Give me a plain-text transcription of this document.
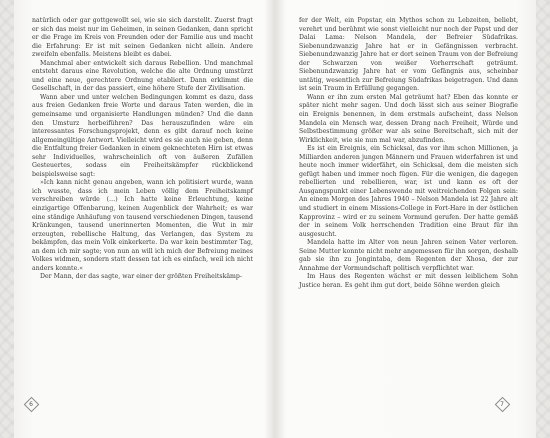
natürlich oder gar gottgewollt sei, wie sie sich darstellt. Zuerst fragt er sich das meist nur im Geheimen, in seinen Gedanken, dann spricht er die Frage im Kreis von Freunden oder der Familie aus und macht die Erfahrung: Er ist mit seinen Gedanken nicht allein. Andere zweifeln ebenfalls. Meistens bleibt es dabei.

Manchmal aber entwickelt sich daraus Rebellion. Und manchmal entsteht daraus eine Revolution, welche die alte Ordnung umstürzt und eine neue, gerechtere Ordnung etabliert. Dann erklimmt die Gesellschaft, in der das passiert, eine höhere Stufe der Zivilisation.

Wann aber und unter welchen Bedingungen kommt es dazu, dass aus freien Gedanken freie Worte und daraus Taten werden, die in gemeinsame und organisierte Handlungen münden? Und die dann den Umsturz herbeiführen? Das herauszufinden wäre ein interessantes Forschungsprojekt, denn es gibt darauf noch keine allgemeingültige Antwort. Vielleicht wird es sie auch nie geben, denn die Entfaltung freier Gedanken in einem geknechteten Hirn ist etwas sehr Individuelles, wahrscheinlich oft von äußeren Zufällen Gesteuertes, sodass ein Freiheitskämpfer rückblickend beispielsweise sagt:

»Ich kann nicht genau angeben, wann ich politisiert wurde, wann ich wusste, dass ich mein Leben völlig dem Freiheitskampf verschreiben würde (…) Ich hatte keine Erleuchtung, keine einzigartige Offenbarung, keinen Augenblick der Wahrheit; es war eine ständige Anhäufung von tausend verschiedenen Dingen, tausend Kränkungen, tausend unerinnerten Momenten, die Wut in mir erzeugten, rebellische Haltung, das Verlangen, das System zu bekämpfen, das mein Volk einkerkerte. Da war kein bestimmter Tag, an dem ich mir sagte; von nun an will ich mich der Befreiung meines Volkes widmen, sondern statt dessen tat ich es einfach, weil ich nicht anders konnte.«

Der Mann, der das sagte, war einer der größten Freiheitskämp-

6

fer der Welt, ein Popstar, ein Mythos schon zu Lebzeiten, beliebt, verehrt und berühmt wie sonst vielleicht nur noch der Papst und der Dalai Lama: Nelson Mandela, der Befreier Südafrikas. Siebenundzwanzig Jahre hat er in Gefängnissen verbracht. Siebenundzwanzig Jahre hat er dort seinen Traum von der Befreiung der Schwarzen von weißer Vorherrschaft geträumt. Siebenundzwanzig Jahre hat er vom Gefängnis aus, scheinbar untätig, wesentlich zur Befreiung Südafrikas beigetragen. Und dann ist sein Traum in Erfüllung gegangen.

Wann er ihn zum ersten Mal geträumt hat? Eben das konnte er später nicht mehr sagen. Und doch lässt sich aus seiner Biografie ein Ereignis benennen, in dem erstmals aufscheint, dass Nelson Mandela ein Mensch war, dessen Drang nach Freiheit, Würde und Selbstbestimmung größer war als seine Bereitschaft, sich mit der Wirklichkeit, wie sie nun mal war, abzufinden.

Es ist ein Ereignis, ein Schicksal, das vor ihm schon Millionen, ja Milliarden anderen jungen Männern und Frauen widerfahren ist und heute noch immer widerfährt, ein Schicksal, dem die meisten sich gefügt haben und immer noch fügen. Für die wenigen, die dagegen rebellierten und rebellieren, war, ist und kann es oft der Ausgangspunkt einer Lebenswende mit weitreichenden Folgen sein: An einem Morgen des Jahres 1940 – Nelson Mandela ist 22 Jahre alt und studiert in einem Missions-College in Fort-Hare in der östlichen Kapprovinz – wird er zu seinem Vormund gerufen. Der hatte gemäß der in seinem Volk herrschenden Tradition eine Braut für ihn ausgesucht.

Mandela hatte im Alter von neun Jahren seinen Vater verloren. Seine Mutter konnte nicht mehr angemessen für ihn sorgen, deshalb gab sie ihn zu Jongintaba, dem Regenten der Xhosa, der zur Annahme der Vormundschaft politisch verpflichtet war.

Im Haus des Regenten wächst er mit dessen leiblichem Sohn Justice heran. Es geht ihm gut dort, beide Söhne werden gleich

7
